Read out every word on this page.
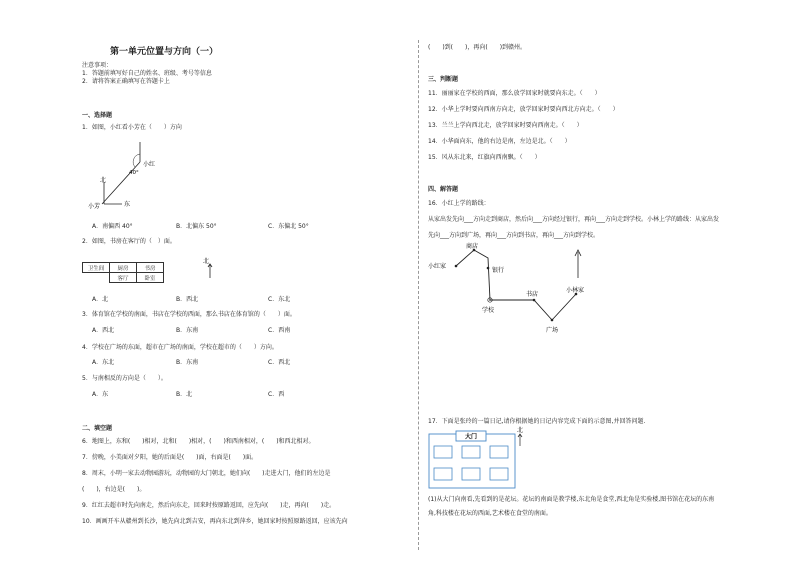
第一单元位置与方向（一）
注意事项：
1．答题前填写好自己的姓名、班级、考号等信息
2．请将答案正确填写在答题卡上
一、选择题
1．如图，小红看小芳在（　　）方向
小红
40°
北
小芳	东
A．南偏西 40°	B．北偏东 50°	C．东偏北 50°
2．如图，书房在客厅的（　）面。
卫生间	厨房	书房
	客厅	卧室
北
A．北	B．西北	C．东北
3．体育馆在学校的南面，书店在学校的西面，那么书店在体育馆的（　　）面。
A．西北	B．东南	C．西南
4．学校在广场的东面，超市在广场的南面，学校在超市的（　　）方向。
A．东北	B．东南	C．西北
5．与南相反的方向是（　　）。
A．东	B．北	C．西
二、填空题
6．地图上，东和(　　)相对，北和(　　)相对，(　　)和西南相对，(　　)和西北相对。
7．傍晚，小美面对夕阳，她的后面是(　　)面，右面是(　　)面。
8．周末，小明一家去动物园游玩，动物园的大门朝北，她们向(　　)走进大门，他们的左边是
(　　)，右边是(　　)。
9．红红去超市时先向南走，然后向东走，回来时按原路返回，应先向(　　)走，再向(　　)走。
10．画画开车从赣州到长沙，她先向北到吉安，再向东北到萍乡，她回家时按照原路返回，应该先向
(　　)到(　　)，再向(　　)到赣州。
三、判断题
11．丽丽家在学校的西面，那么放学回家时就要向东走。（　　）
12．小华上学时要向西南方向走，放学回家时要向西北方向走。（　　）
13．兰兰上学向西北走，放学回家时要向西南走。（　　）
14．小华面向东，他的右边是南，左边是北。（　　）
15．风从东北来，红旗向西南飘。（　　）
四、解答题
16．小红上学的路线：
从家出发先向___方向走到商店，然后向___方向经过银行，再向___方向走到学校。小林上学的路线：从家出发
先向___方向到广场，再向___方向到书店，再向___方向到学校。
小红家
商店
银行
书店
小林家
学校
广场
17．下面是张玲的一篇日记,请你根据她的日记内容完成下面的示意图,并回答问题.
大门
北
(1)从大门向南看,先看到的是花坛。花坛的南面是教学楼,东北角是食堂,西北角是实验楼,图书馆在花坛的东南
角,科技楼在花坛的西面,艺术楼在食堂的南面。
